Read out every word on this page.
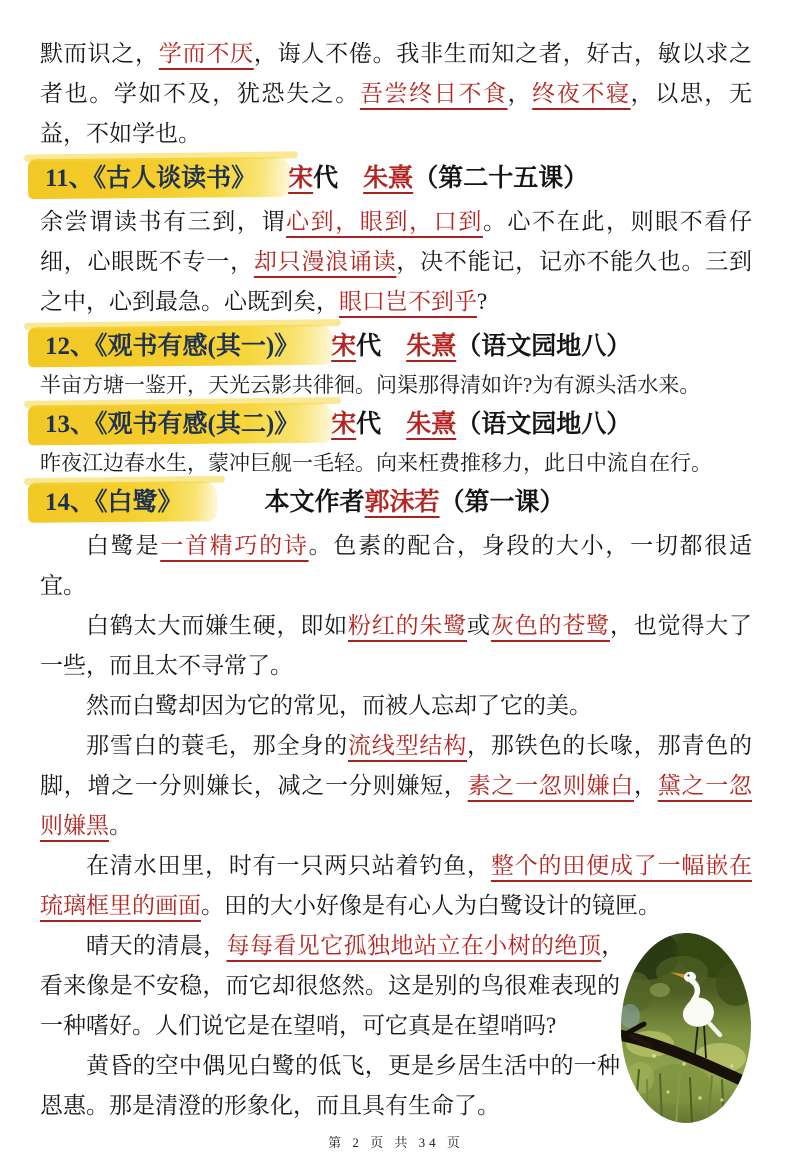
默而识之，学而不厌，诲人不倦。我非生而知之者，好古，敏以求之者也。学如不及，犹恐失之。吾尝终日不食，终夜不寝，以思，无益，不如学也。

11、《古人谈读书》 宋代　 朱熹（第二十五课）

余尝谓读书有三到，谓心到，眼到，口到。心不在此，则眼不看仔细，心眼既不专一，却只漫浪诵读，决不能记，记亦不能久也。三到之中，心到最急。心既到矣，眼口岂不到乎?

12、《观书有感(其一)》 宋代　 朱熹（语文园地八）

半亩方塘一鉴开，天光云影共徘徊。问渠那得清如许?为有源头活水来。

13、《观书有感(其二)》 宋代　 朱熹（语文园地八）

昨夜江边春水生，蒙冲巨舰一毛轻。向来枉费推移力，此日中流自在行。

14、《白鹭》　　本文作者郭沫若（第一课）

白鹭是一首精巧的诗。色素的配合，身段的大小，一切都很适宜。

白鹤太大而嫌生硬，即如粉红的朱鹭或灰色的苍鹭，也觉得大了一些，而且太不寻常了。

然而白鹭却因为它的常见，而被人忘却了它的美。

那雪白的蓑毛，那全身的流线型结构，那铁色的长喙，那青色的脚，增之一分则嫌长，减之一分则嫌短，素之一忽则嫌白，黛之一忽则嫌黑。

在清水田里，时有一只两只站着钓鱼，整个的田便成了一幅嵌在琉璃框里的画面。田的大小好像是有心人为白鹭设计的镜匣。

晴天的清晨，每每看见它孤独地站立在小树的绝顶，看来像是不安稳，而它却很悠然。这是别的鸟很难表现的一种嗜好。人们说它是在望哨，可它真是在望哨吗?

黄昏的空中偶见白鹭的低飞，更是乡居生活中的一种恩惠。那是清澄的形象化，而且具有生命了。

第 2 页 共 34 页
